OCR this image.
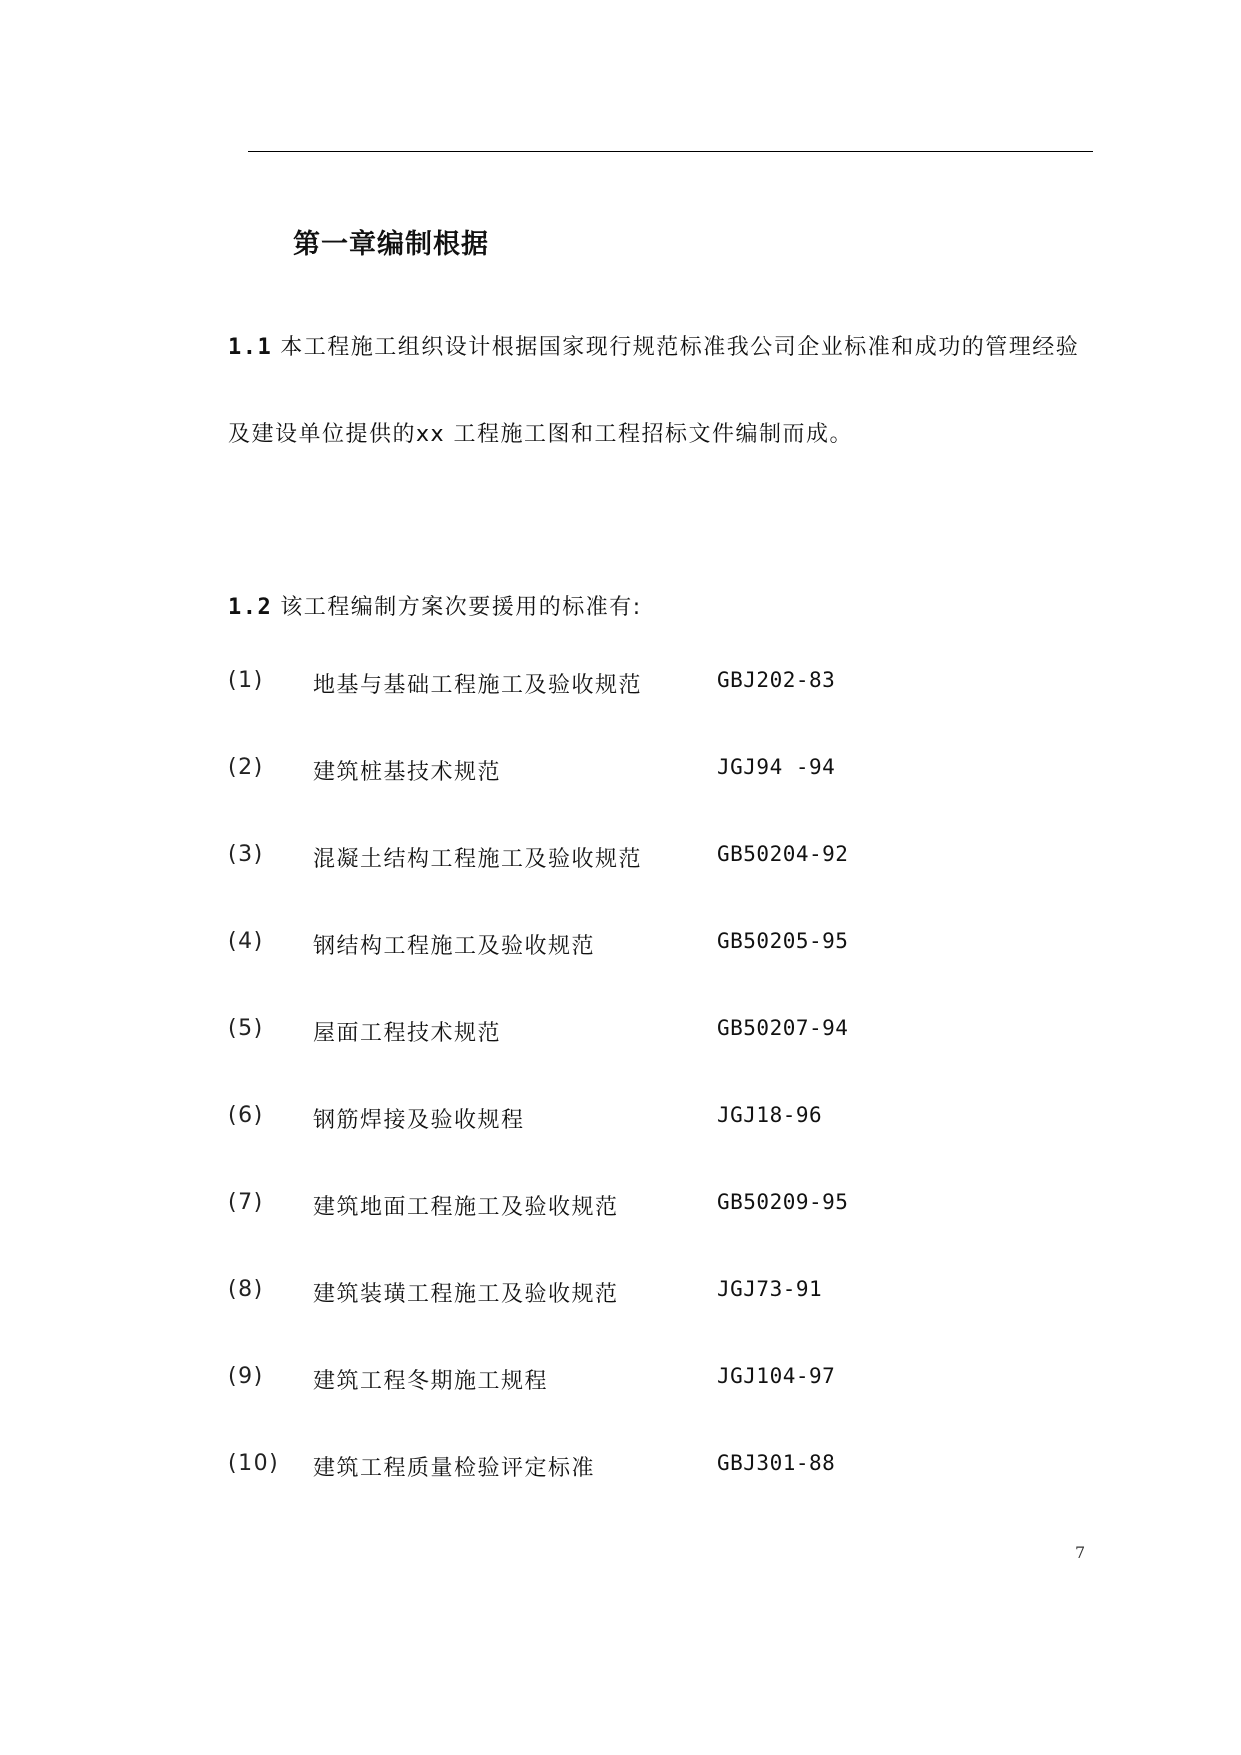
第一章编制根据
1.1 本工程施工组织设计根据国家现行规范标准我公司企业标准和成功的管理经验
及建设单位提供的xx 工程施工图和工程招标文件编制而成。
1.2 该工程编制方案次要援用的标准有:
(1) 地基与基础工程施工及验收规范	GBJ202-83
(2) 建筑桩基技术规范	JGJ94 -94
(3) 混凝土结构工程施工及验收规范	GB50204-92
(4) 钢结构工程施工及验收规范	GB50205-95
(5) 屋面工程技术规范	GB50207-94
(6) 钢筋焊接及验收规程	JGJ18-96
(7) 建筑地面工程施工及验收规范	GB50209-95
(8) 建筑装璜工程施工及验收规范	JGJ73-91
(9) 建筑工程冬期施工规程	JGJ104-97
(10) 建筑工程质量检验评定标准	GBJ301-88
7
